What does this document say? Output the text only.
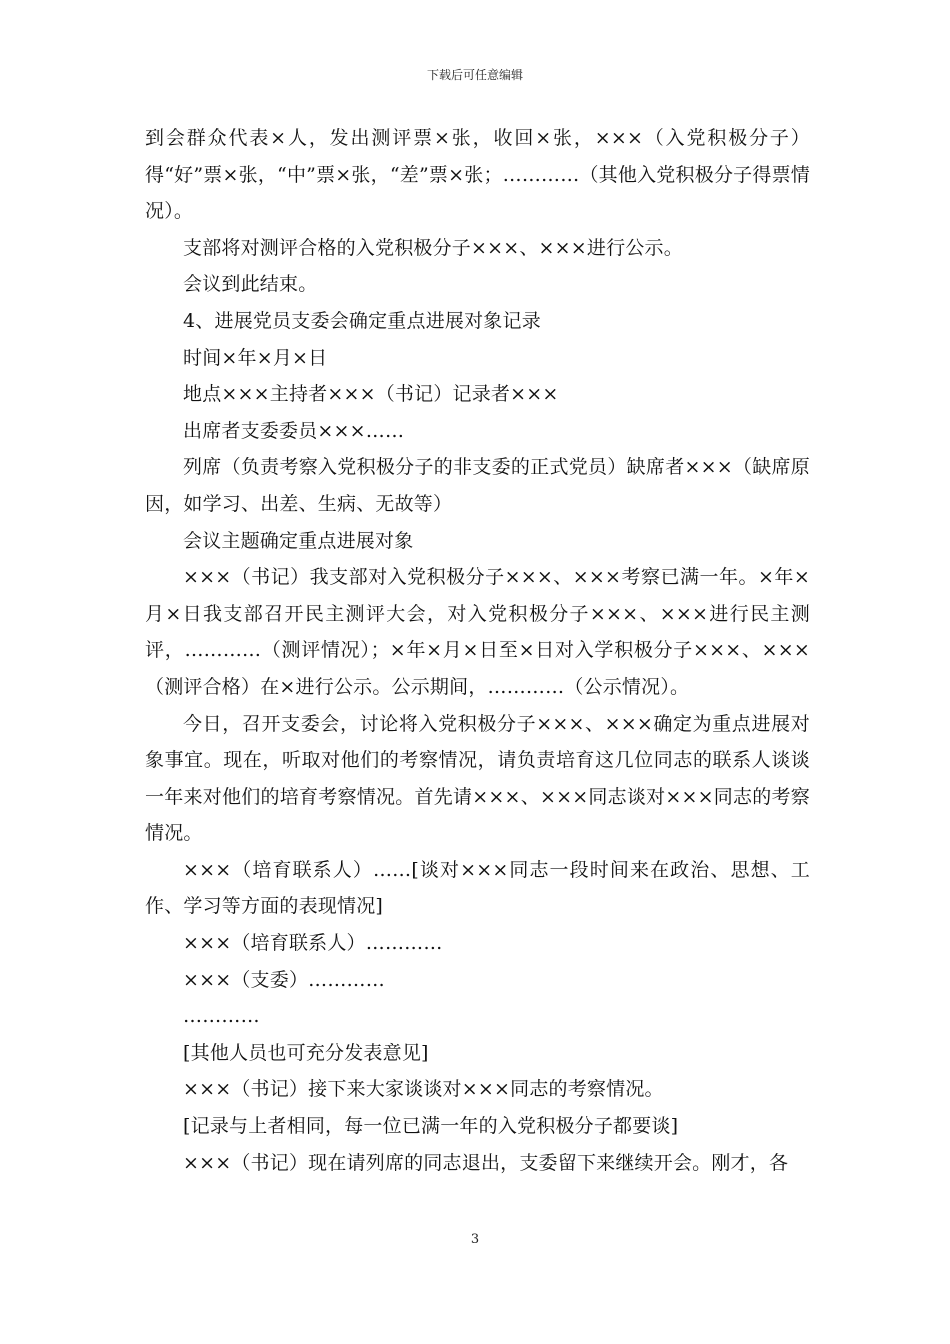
下载后可任意编辑

到会群众代表×人，发出测评票×张，收回×张，×××（入党积极分子）得“好”票×张，“中”票×张，“差”票×张；…………（其他入党积极分子得票情况）。

支部将对测评合格的入党积极分子×××、×××进行公示。

会议到此结束。

4、进展党员支委会确定重点进展对象记录

时间×年×月×日

地点×××主持者×××（书记）记录者×××

出席者支委委员×××……

列席（负责考察入党积极分子的非支委的正式党员）缺席者×××（缺席原因，如学习、出差、生病、无故等）

会议主题确定重点进展对象

×××（书记）我支部对入党积极分子×××、×××考察已满一年。×年×月×日我支部召开民主测评大会，对入党积极分子×××、×××进行民主测评，…………（测评情况）；×年×月×日至×日对入学积极分子×××、×××（测评合格）在×进行公示。公示期间，…………（公示情况）。

今日，召开支委会，讨论将入党积极分子×××、×××确定为重点进展对象事宜。现在，听取对他们的考察情况，请负责培育这几位同志的联系人谈谈一年来对他们的培育考察情况。首先请×××、×××同志谈对×××同志的考察情况。

×××（培育联系人）……[谈对×××同志一段时间来在政治、思想、工作、学习等方面的表现情况]

×××（培育联系人）…………

×××（支委）…………

…………

[其他人员也可充分发表意见]

×××（书记）接下来大家谈谈对×××同志的考察情况。

[记录与上者相同，每一位已满一年的入党积极分子都要谈]

×××（书记）现在请列席的同志退出，支委留下来继续开会。刚才，各

3
